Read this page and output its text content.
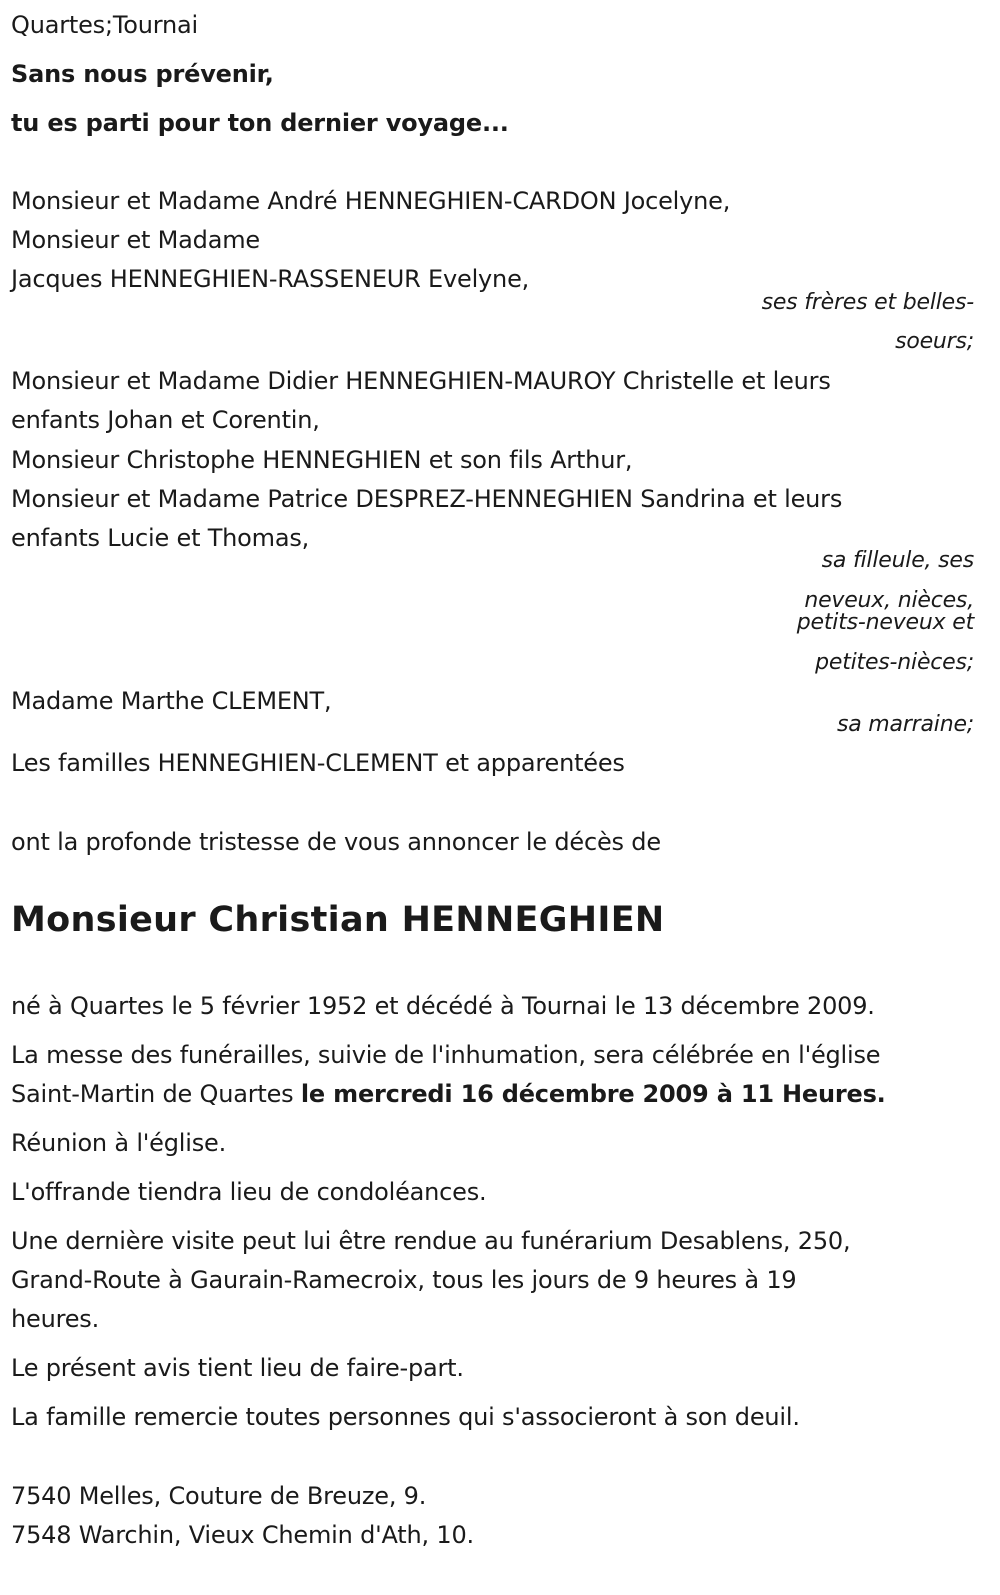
Quartes;Tournai
Sans nous prévenir,
tu es parti pour ton dernier voyage...
Monsieur et Madame André HENNEGHIEN-CARDON Jocelyne,
Monsieur et Madame
Jacques HENNEGHIEN-RASSENEUR Evelyne,
ses frères et belles-
soeurs;
Monsieur et Madame Didier HENNEGHIEN-MAUROY Christelle et leurs
enfants Johan et Corentin,
Monsieur Christophe HENNEGHIEN et son fils Arthur,
Monsieur et Madame Patrice DESPREZ-HENNEGHIEN Sandrina et leurs
enfants Lucie et Thomas,
sa filleule, ses
neveux, nièces,
petits-neveux et
petites-nièces;
Madame Marthe CLEMENT,
sa marraine;
Les familles HENNEGHIEN-CLEMENT et apparentées
ont la profonde tristesse de vous annoncer le décès de
Monsieur Christian HENNEGHIEN
né à Quartes le 5 février 1952 et décédé à Tournai le 13 décembre 2009.
La messe des funérailles, suivie de l'inhumation, sera célébrée en l'église
Saint-Martin de Quartes le mercredi 16 décembre 2009 à 11 Heures.
Réunion à l'église.
L'offrande tiendra lieu de condoléances.
Une dernière visite peut lui être rendue au funérarium Desablens, 250,
Grand-Route à Gaurain-Ramecroix, tous les jours de 9 heures à 19
heures.
Le présent avis tient lieu de faire-part.
La famille remercie toutes personnes qui s'associeront à son deuil.
7540 Melles, Couture de Breuze, 9.
7548 Warchin, Vieux Chemin d'Ath, 10.
